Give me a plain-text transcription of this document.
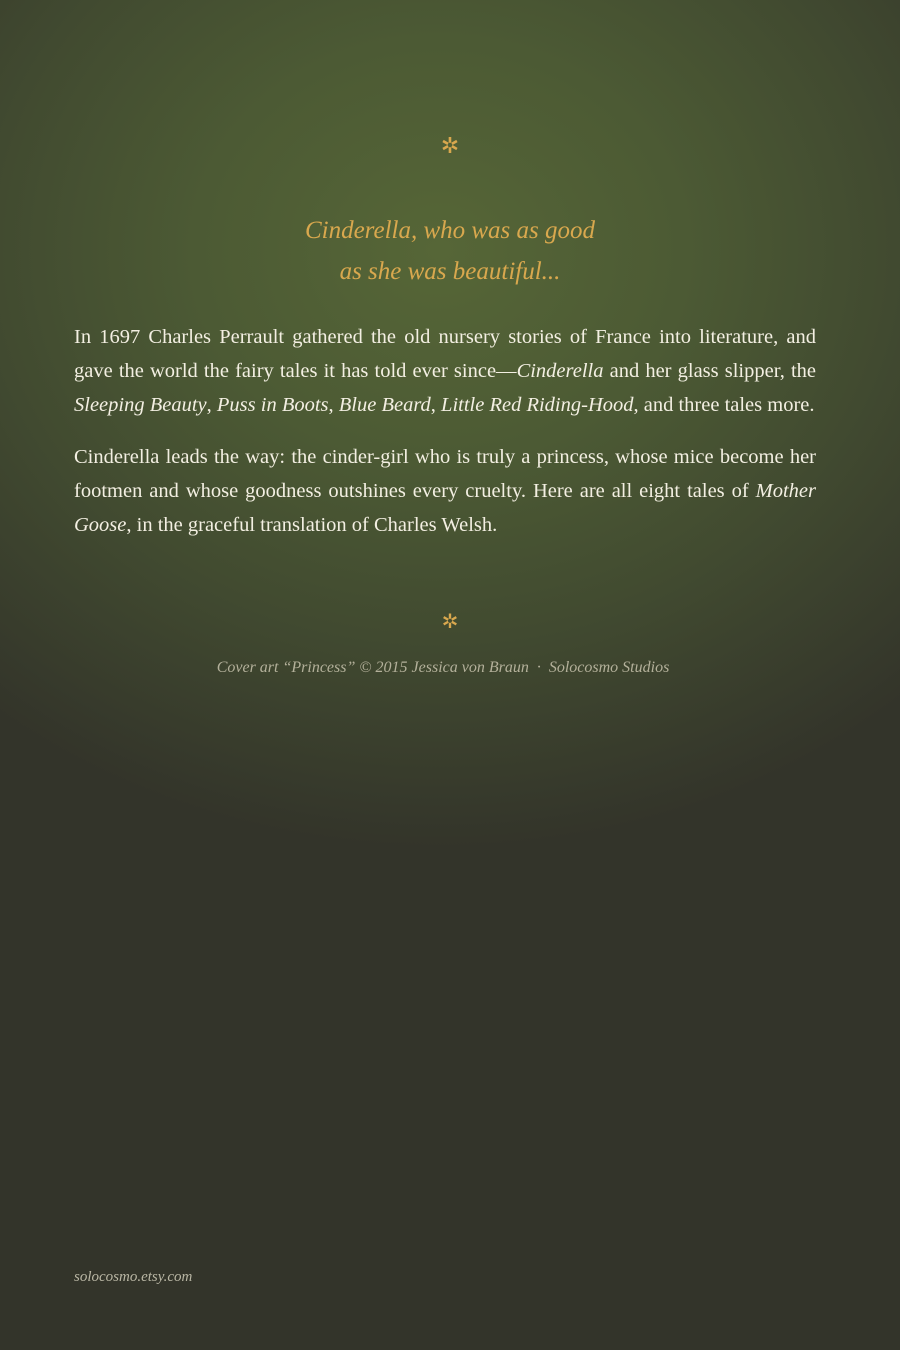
✲
Cinderella, who was as good
as she was beautiful...

In 1697 Charles Perrault gathered the old nursery stories of France into literature, and gave the world the fairy tales it has told ever since—Cinderella and her glass slipper, the Sleeping Beauty, Puss in Boots, Blue Beard, Little Red Riding-Hood, and three tales more.

Cinderella leads the way: the cinder-girl who is truly a princess, whose mice become her footmen and whose goodness outshines every cruelty. Here are all eight tales of Mother Goose, in the graceful translation of Charles Welsh.

✲
Cover art “Princess” © 2015 Jessica von Braun · Solocosmo Studios
solocosmo.etsy.com
